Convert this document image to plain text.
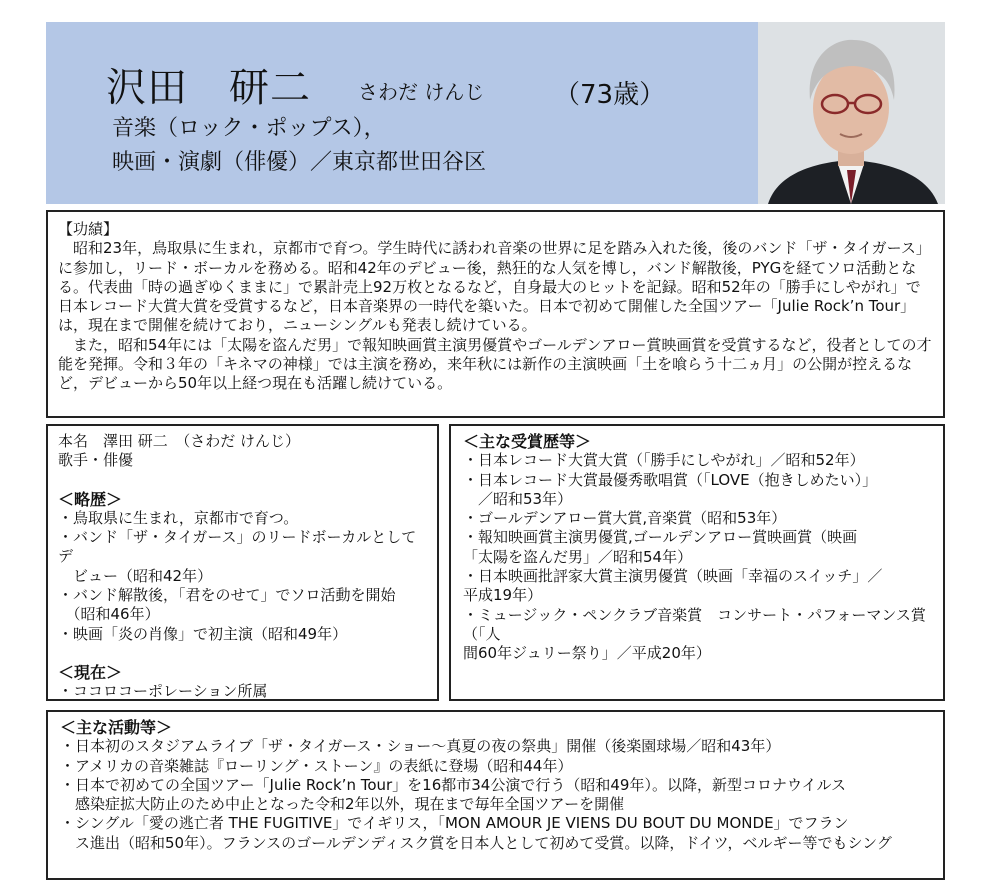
沢田　研二 さわだ けんじ	（73歳）
音楽（ロック・ポップス），
映画・演劇（俳優）／東京都世田谷区

【功績】

昭和23年，鳥取県に生まれ，京都市で育つ。学生時代に誘われ音楽の世界に足を踏み入れた後，後のバンド「ザ・タイガース」に参加し，リード・ボーカルを務める。昭和42年のデビュー後，熱狂的な人気を博し，バンド解散後，PYGを経てソロ活動となる。代表曲「時の過ぎゆくままに」で累計売上92万枚となるなど，自身最大のヒットを記録。昭和52年の「勝手にしやがれ」で日本レコード大賞大賞を受賞するなど，日本音楽界の一時代を築いた。日本で初めて開催した全国ツアー「Julie Rock’n Tour」は，現在まで開催を続けており，ニューシングルも発表し続けている。

また，昭和54年には「太陽を盗んだ男」で報知映画賞主演男優賞やゴールデンアロー賞映画賞を受賞するなど，役者としての才能を発揮。令和３年の「キネマの神様」では主演を務め，来年秋には新作の主演映画「土を喰らう十二ヵ月」の公開が控えるなど，デビューから50年以上経つ現在も活躍し続けている。

本名　澤田 研二　（さわだ けんじ）

歌手・俳優

＜略歴＞

・鳥取県に生まれ，京都市で育つ。

・バンド「ザ・タイガース」のリードボーカルとしてデ

　ビュー（昭和42年）

・バンド解散後，「君をのせて」でソロ活動を開始

　（昭和46年）

・映画「炎の肖像」で初主演（昭和49年）

＜現在＞

・ココロコーポレーション所属

＜主な受賞歴等＞

・日本レコード大賞大賞（「勝手にしやがれ」／昭和52年）

・日本レコード大賞最優秀歌唱賞（「LOVE（抱きしめたい）」

　／昭和53年）

・ゴールデンアロー賞大賞,音楽賞（昭和53年）

・報知映画賞主演男優賞,ゴールデンアロー賞映画賞（映画

「太陽を盗んだ男」／昭和54年）

・日本映画批評家大賞主演男優賞（映画「幸福のスイッチ」／

平成19年）

・ミュージック・ペンクラブ音楽賞　コンサート・パフォーマンス賞（「人

間60年ジュリー祭り」／平成20年）

＜主な活動等＞

・日本初のスタジアムライブ「ザ・タイガース・ショー～真夏の夜の祭典」開催（後楽園球場／昭和43年）

・アメリカの音楽雑誌『ローリング・ストーン』の表紙に登場（昭和44年）

・日本で初めての全国ツアー「Julie Rock’n Tour」を16都市34公演で行う（昭和49年）。以降，新型コロナウイルス

　感染症拡大防止のため中止となった令和2年以外，現在まで毎年全国ツアーを開催

・シングル「愛の逃亡者 THE FUGITIVE」でイギリス，「MON AMOUR JE VIENS DU BOUT DU MONDE」でフラン

　ス進出（昭和50年）。フランスのゴールデンディスク賞を日本人として初めて受賞。以降，ドイツ，ベルギー等でもシング
